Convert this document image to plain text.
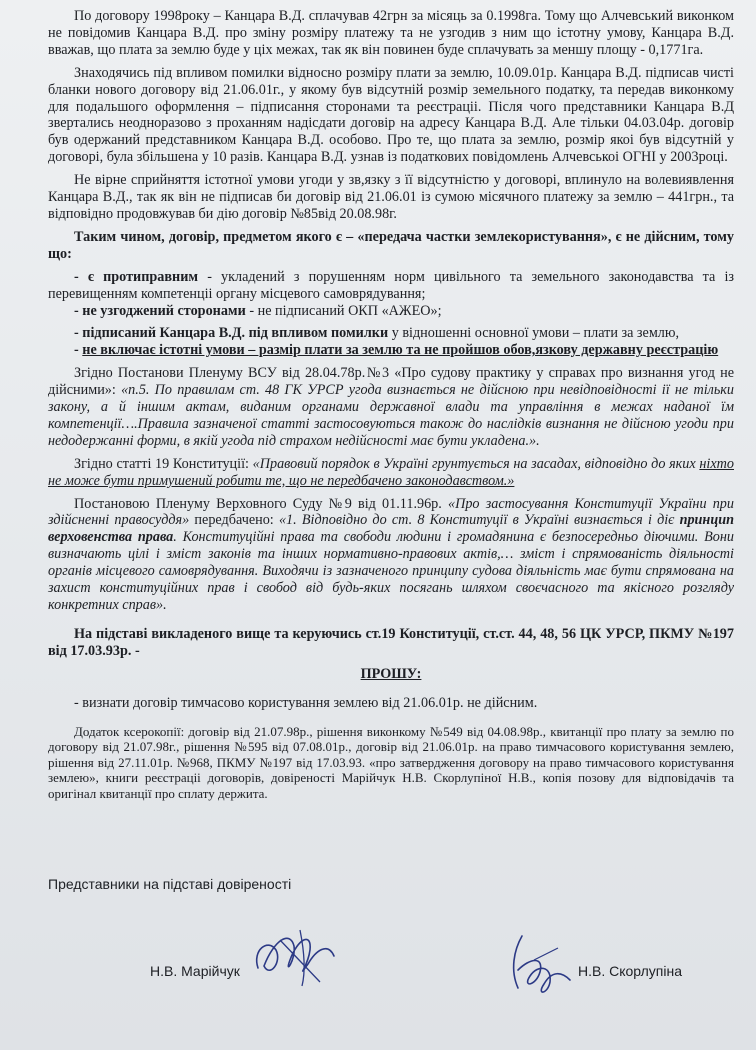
По договору 1998року – Канцара В.Д. сплачував 42грн за місяць за 0.1998га. Тому що Алчевський виконком не повідомив Канцара В.Д. про зміну розміру платежу та не узгодив з ним що істотну умову, Канцара В.Д. вважав, що плата за землю буде у ціх межах, так як він повинен буде сплачувать за меншу площу - 0,1771га.

Знаходячись під впливом помилки відносно розміру плати за землю, 10.09.01р. Канцара В.Д. підписав чисті бланки нового договору від 21.06.01г., у якому був відсутній розмір земельного податку, та передав виконкому для подальшого оформлення – підписання сторонами та реєстраціі. Після чого представники Канцара В.Д звертались неодноразово з проханням надісдати договір на адресу Канцара В.Д. Але тільки 04.03.04р. договір був одержаний представником Канцара В.Д. особово. Про те, що плата за землю, розмір якоі був відсутній у договорі, була збільшена у 10 разів. Канцара В.Д. узнав із податкових повідомлень Алчевськоі ОГНІ у 2003році.

Не вірне сприйняття істотної умови угоди у зв,язку з її відсутністю у договорі, вплинуло на волевиявлення Канцара В.Д., так як він не підписав би договір від 21.06.01 із сумою місячного платежу за землю – 441грн., та відповідно продовжував би дію договір №85від 20.08.98г.

Таким чином, договір, предметом якого є – «передача частки землекористування», є не дійсним, тому що:

- є протиправним - укладений з порушенням норм цивільного та земельного законодавства та із перевищенням компетенціі органу місцевого самоврядування;

- не узгоджений сторонами - не підписаний ОКП «АЖЕО»;

- підписаний Канцара В.Д. під впливом помилки у відношенні основної умови – плати за землю,

- не включає істотні умови – размір плати за землю та не пройшов обов,язкову державну реєстрацію

Згідно Постанови Пленуму ВСУ від 28.04.78р.№3 «Про судову практику у справах про визнання угод не дійсними»: «п.5. По правилам ст. 48 ГК УРСР угода визнається не дійсною при невідповідності ії не тільки закону, а й іншим актам, виданим органами державної влади та управління в межах наданої їм компетенції….Правила зазначеної статті застосовуються також до наслідків визнання не дійсною угоди при недодержанні форми, в якій угода під страхом недійсності має бути укладена.».

Згідно статті 19 Конституції: «Правовий порядок в Україні грунтується на засадах, відповідно до яких ніхто не може бути примушений робити те, що не передбачено законодавством.»

Постановою Пленуму Верховного Суду №9 від 01.11.96р. «Про застосування Конституції України при здійсненні правосуддя» передбачено: «1. Відповідно до ст. 8 Конституції в Україні визнається і діє принцип верховенства права. Конституційні права та свободи людини і громадянина є безпосередньо діючими. Вони визначають цілі і зміст законів та інших нормативно-правових актів,… зміст і спрямованість діяльності органів місцевого самоврядування. Виходячи із зазначеного принципу судова діяльність має бути спрямована на захист конституційних прав і свобод від будь-яких посягань шляхом своєчасного та якісного розгляду конкретних справ».

На підставі викладеного вище та керуючись ст.19 Конституції, ст.ст. 44, 48, 56 ЦК УРСР, ПКМУ №197 від 17.03.93р. -

ПРОШУ:

- визнати договір тимчасово користування землею від 21.06.01р. не дійсним.

Додаток ксерокопії: договір від 21.07.98р., рішення виконкому №549 від 04.08.98р., квитанції про плату за землю по договору від 21.07.98г., рішення №595 від 07.08.01р., договір від 21.06.01р. на право тимчасового користування землею, рішення від 27.11.01р. №968, ПКМУ №197 від 17.03.93. «про затвердження договору на право тимчасового користування землею», книги реєстраціі договорів, довіреності Марійчук Н.В. Скорлупіної Н.В., копія позову для відповідачів та оригінал квитанції про сплату держита.

Представники на підставі довіреності
Н.В. Марійчук	Н.В. Скорлупіна
